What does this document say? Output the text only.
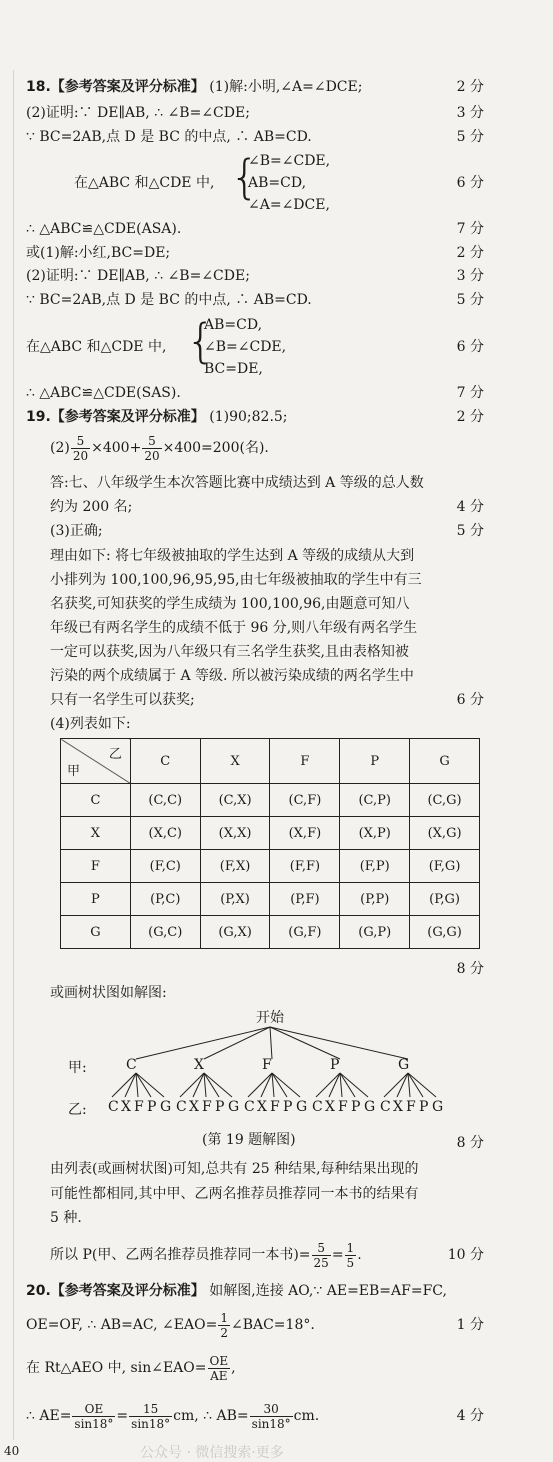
18.【参考答案及评分标准】 (1)解:小明,∠A=∠DCE;	2 分
(2)证明:∵ DE∥AB, ∴ ∠B=∠CDE;	3 分
∵ BC=2AB,点 D 是 BC 的中点, ∴ AB=CD.	5 分
在△ABC 和△CDE 中, {
∠B=∠CDE,
AB=CD,
∠A=∠DCE,
6 分
∴ △ABC≌△CDE(ASA).	7 分
或(1)解:小红,BC=DE;	2 分
(2)证明:∵ DE∥AB, ∴ ∠B=∠CDE;	3 分
∵ BC=2AB,点 D 是 BC 的中点, ∴ AB=CD.	5 分
在△ABC 和△CDE 中, {
AB=CD,
∠B=∠CDE,
BC=DE,
6 分
∴ △ABC≌△CDE(SAS).	7 分
19.【参考答案及评分标准】 (1)90;82.5;	2 分
$(2) \frac{5}{20} \times 400+ \frac{5}{20} \times 400=200$(名).
答:七、八年级学生本次答题比赛中成绩达到 A 等级的总人数
约为 200 名;	4 分
(3)正确;	5 分
理由如下: 将七年级被抽取的学生达到 A 等级的成绩从大到
小排列为 100,100,96,95,95,由七年级被抽取的学生中有三
名获奖,可知获奖的学生成绩为 100,100,96,由题意可知八
年级已有两名学生的成绩不低于 96 分,则八年级有两名学生
一定可以获奖,因为八年级只有三名学生获奖,且由表格知被
污染的两个成绩属于 A 等级. 所以被污染成绩的两名学生中
只有一名学生可以获奖;	6 分
(4)列表如下:
乙
甲	C	X	F	P	G
C	(C,C)	(C,X)	(C,F)	(C,P)	(C,G)
X	(X,C)	(X,X)	(X,F)	(X,P)	(X,G)
F	(F,C)	(F,X)	(F,F)	(F,P)	(F,G)
P	(P,C)	(P,X)	(P,F)	(P,P)	(P,G)
G	(G,C)	(G,X)	(G,F)	(G,P)	(G,G)
8 分
或画树状图如解图:
开始
甲:
乙:
C	X	F	P	G
C X F P G C X F P G C X F P G C X F P G C X F P G
(第 19 题解图)	8 分
由列表(或画树状图)可知,总共有 25 种结果,每种结果出现的
可能性都相同,其中甲、乙两名推荐员推荐同一本书的结果有
5 种.
所以 P(甲、乙两名推荐员推荐同一本书)= $\frac{5}{25} = \frac{1}{5}$ .	10 分
20.【参考答案及评分标准】 如解图,连接 AO,∵ AE=EB=AF=FC,
OE=OF, ∴ AB=AC, ∠EAO= $\frac{1}{2}$ ∠BAC=18°.	1 分
在 Rt△AEO 中, sin∠EAO= $\frac{OE}{AE}$ ,
∴ $AE= \frac{OE}{\sin 18^\circ} = \frac{15}{\sin 18^\circ}$ cm, ∴ $AB= \frac{30}{\sin 18^\circ}$ cm.	4 分
40	公众号 · 微信搜索·更多
